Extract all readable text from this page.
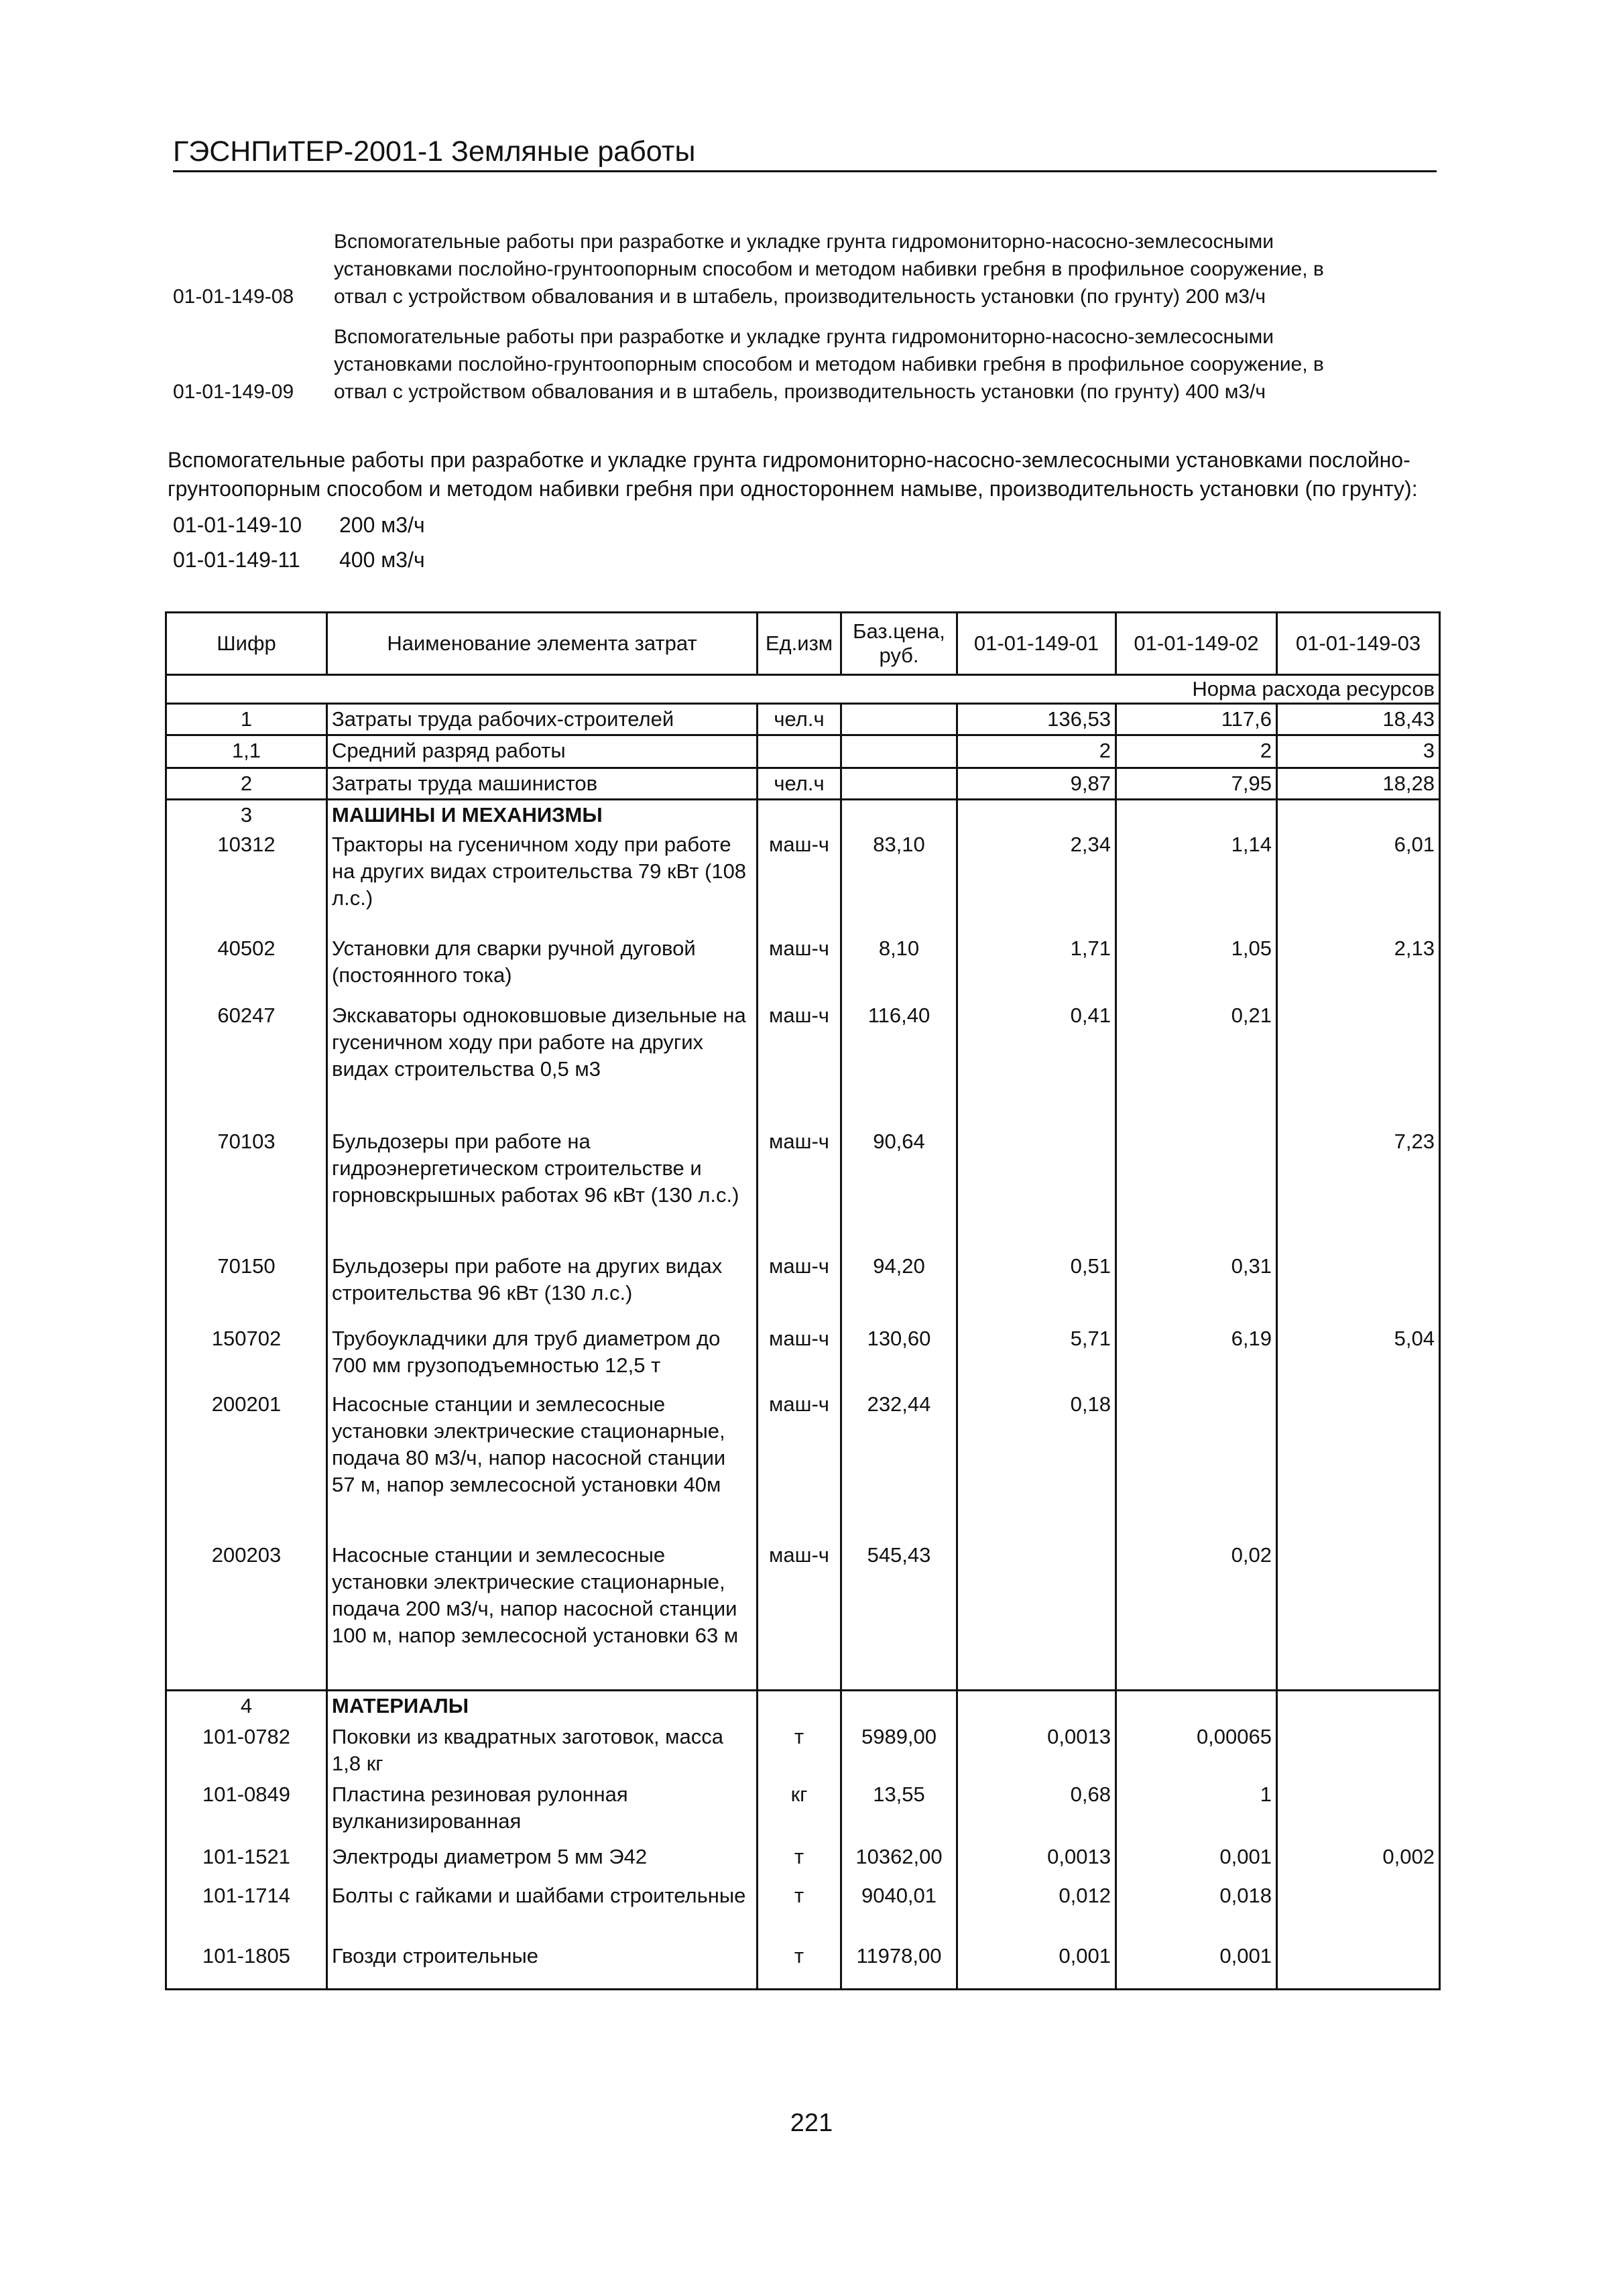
ГЭСНПиТЕР-2001-1 Земляные работы
Вспомогательные работы при разработке и укладке грунта гидромониторно-насосно-землесосными
установками послойно-грунтоопорным способом и методом набивки гребня в профильное сооружение, в
отвал с устройством обвалования и в штабель, производительность установки (по грунту) 200 м3/ч
01-01-149-08
Вспомогательные работы при разработке и укладке грунта гидромониторно-насосно-землесосными
установками послойно-грунтоопорным способом и методом набивки гребня в профильное сооружение, в
отвал с устройством обвалования и в штабель, производительность установки (по грунту) 400 м3/ч
01-01-149-09
Вспомогательные работы при разработке и укладке грунта гидромониторно-насосно-землесосными установками послойно-
грунтоопорным способом и методом набивки гребня при одностороннем намыве, производительность установки (по грунту):
01-01-149-10 200 м3/ч
01-01-149-11 400 м3/ч
Шифр	Наименование элемента затрат	Ед.изм	Баз.цена, руб.	01-01-149-01	01-01-149-02	01-01-149-03
Норма расхода ресурсов						
1	Затраты труда рабочих-строителей	чел.ч		136,53	117,6	18,43
1,1	Средний разряд работы			2	2	3
2	Затраты труда машинистов	чел.ч		9,87	7,95	18,28
3	МАШИНЫ И МЕХАНИЗМЫ					
10312	Тракторы на гусеничном ходу при работе на других видах строительства 79 кВт (108 л.с.)	маш-ч	83,10	2,34	1,14	6,01
40502	Установки для сварки ручной дуговой (постоянного тока)	маш-ч	8,10	1,71	1,05	2,13
60247	Экскаваторы одноковшовые дизельные на гусеничном ходу при работе на других видах строительства 0,5 м3	маш-ч	116,40	0,41	0,21	
70103	Бульдозеры при работе на гидроэнергетическом строительстве и горновскрышных работах 96 кВт (130 л.с.)	маш-ч	90,64			7,23
70150	Бульдозеры при работе на других видах строительства 96 кВт (130 л.с.)	маш-ч	94,20	0,51	0,31	
150702	Трубоукладчики для труб диаметром до 700 мм грузоподъемностью 12,5 т	маш-ч	130,60	5,71	6,19	5,04
200201	Насосные станции и землесосные установки электрические стационарные, подача 80 м3/ч, напор насосной станции 57 м, напор землесосной установки 40м	маш-ч	232,44	0,18		
200203	Насосные станции и землесосные установки электрические стационарные, подача 200 м3/ч, напор насосной станции 100 м, напор землесосной установки 63 м	маш-ч	545,43		0,02	
4	МАТЕРИАЛЫ					
101-0782	Поковки из квадратных заготовок, масса 1,8 кг	т	5989,00	0,0013	0,00065	
101-0849	Пластина резиновая рулонная вулканизированная	кг	13,55	0,68	1	
101-1521	Электроды диаметром 5 мм Э42	т	10362,00	0,0013	0,001	0,002
101-1714	Болты с гайками и шайбами строительные	т	9040,01	0,012	0,018	
101-1805	Гвозди строительные	т	11978,00	0,001	0,001	
221
